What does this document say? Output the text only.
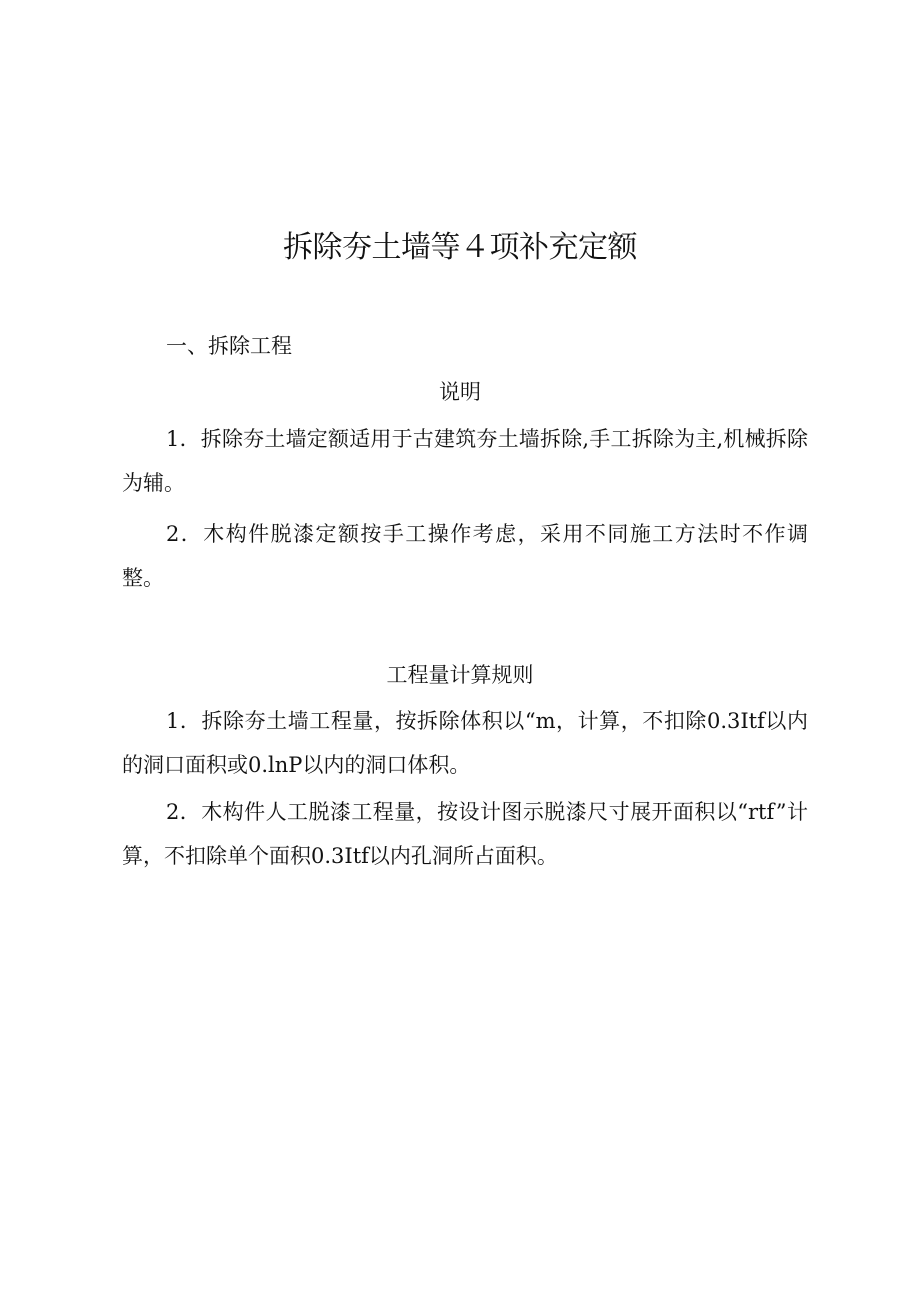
拆除夯土墙等４项补充定额
一、拆除工程
说明

1．拆除夯土墙定额适用于古建筑夯土墙拆除,手工拆除为主,机械拆除为辅。

2．木构件脱漆定额按手工操作考虑，采用不同施工方法时不作调整。

工程量计算规则

1．拆除夯土墙工程量，按拆除体积以“m，计算，不扣除0.3Itf以内的洞口面积或0.lnP以内的洞口体积。

2．木构件人工脱漆工程量，按设计图示脱漆尺寸展开面积以“rtf”计算，不扣除单个面积0.3Itf以内孔洞所占面积。
